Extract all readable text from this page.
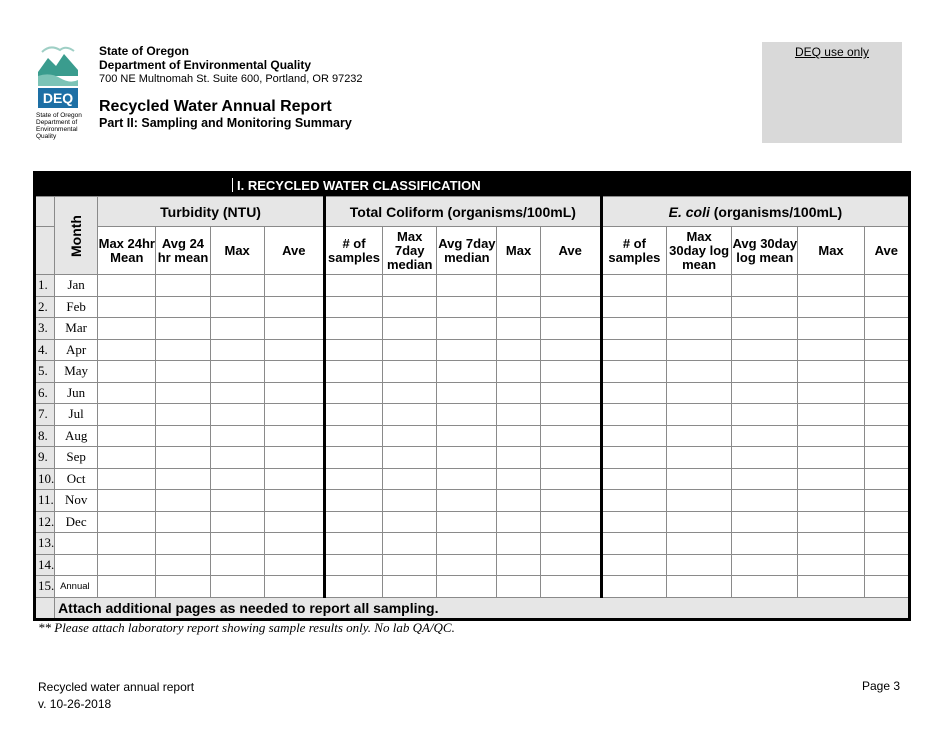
DEQ
State of Oregon
Department of
Environmental
Quality
State of Oregon
Department of Environmental Quality
700 NE Multnomah St. Suite 600, Portland, OR 97232
Recycled Water Annual Report
Part II: Sampling and Monitoring Summary
DEQ use only
I. RECYCLED WATER CLASSIFICATION															
	Month	Turbidity (NTU)				Total Coliform (organisms/100mL)					E. coli (organisms/100mL)				
		Max 24hr
Mean	Avg 24
hr mean	Max	Ave	# of
samples	Max
7day
median	Avg 7day
median	Max	Ave	# of
samples	Max
30day log
mean	Avg 30day
log mean	Max	Ave
1.	Jan														
2.	Feb														
3.	Mar														
4.	Apr														
5.	May														
6.	Jun														
7.	Jul														
8.	Aug														
9.	Sep														
10.	Oct														
11.	Nov														
12.	Dec														
13.															
14.															
15.	Annual														
	Attach additional pages as needed to report all sampling.														
** Please attach laboratory report showing sample results only. No lab QA/QC.
Recycled water annual report
v. 10-26-2018
Page 3
